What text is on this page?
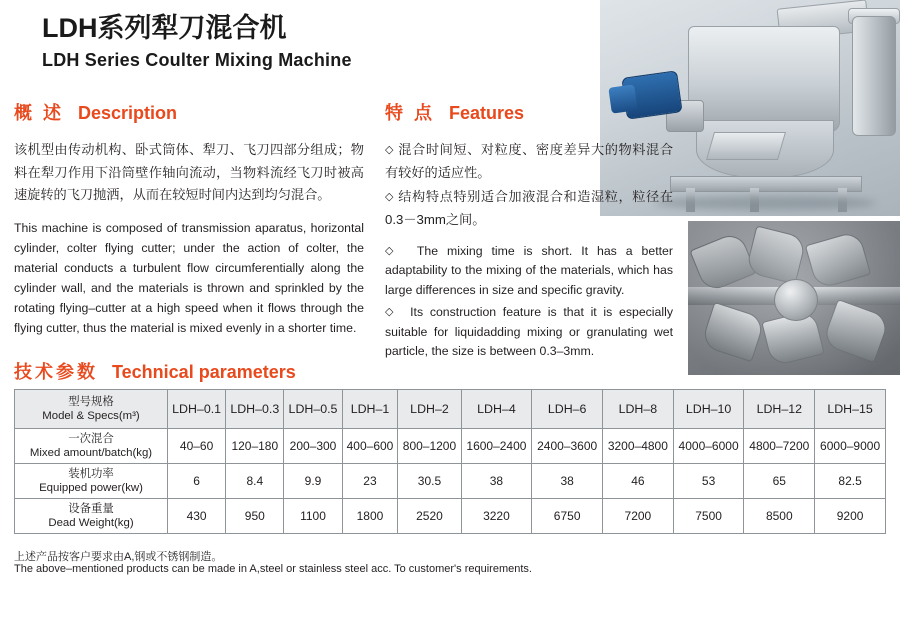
LDH系列犁刀混合机
LDH Series Coulter Mixing Machine
概 述 Description
该机型由传动机构、卧式筒体、犁刀、飞刀四部分组成；物料在犁刀作用下沿筒壁作轴向流动，当物料流经飞刀时被高速旋转的飞刀抛洒，从而在较短时间内达到均匀混合。
This machine is composed of transmission aparatus, horizontal cylinder, colter flying cutter; under the action of colter, the material conducts a turbulent flow circumferentially along the cylinder wall, and the materials is thrown and sprinkled by the rotating flying–cutter at a high speed when it flows through the flying cutter, thus the material is mixed evenly in a shorter time.
特 点 Features

◇ 混合时间短、对粒度、密度差异大的物料混合有较好的适应性。

◇ 结构特点特别适合加液混合和造湿粒，粒径在0.3－3mm之间。

◇ The mixing time is short. It has a better adaptability to the mixing of the materials, which has large differences in size and specific gravity.

◇ Its construction feature is that it is especially suitable for liquidadding mixing or granulating wet particle, the size is between 0.3–3mm.

技术参数 Technical parameters
型号规格
Model & Specs(m³)	LDH–0.1	LDH–0.3	LDH–0.5	LDH–1	LDH–2	LDH–4	LDH–6	LDH–8	LDH–10	LDH–12	LDH–15

一次混合
Mixed amount/batch(kg)	40–60	120–180	200–300	400–600	800–1200	1600–2400	2400–3600	3200–4800	4000–6000	4800–7200	6000–9000

装机功率
Equipped power(kw)	6	8.4	9.9	23	30.5	38	38	46	53	65	82.5

设备重量
Dead Weight(kg)	430	950	1100	1800	2520	3220	6750	7200	7500	8500	9200
上述产品按客户要求由A,钢或不锈钢制造。
The above–mentioned products can be made in A,steel or stainless steel acc. To customer's requirements.
